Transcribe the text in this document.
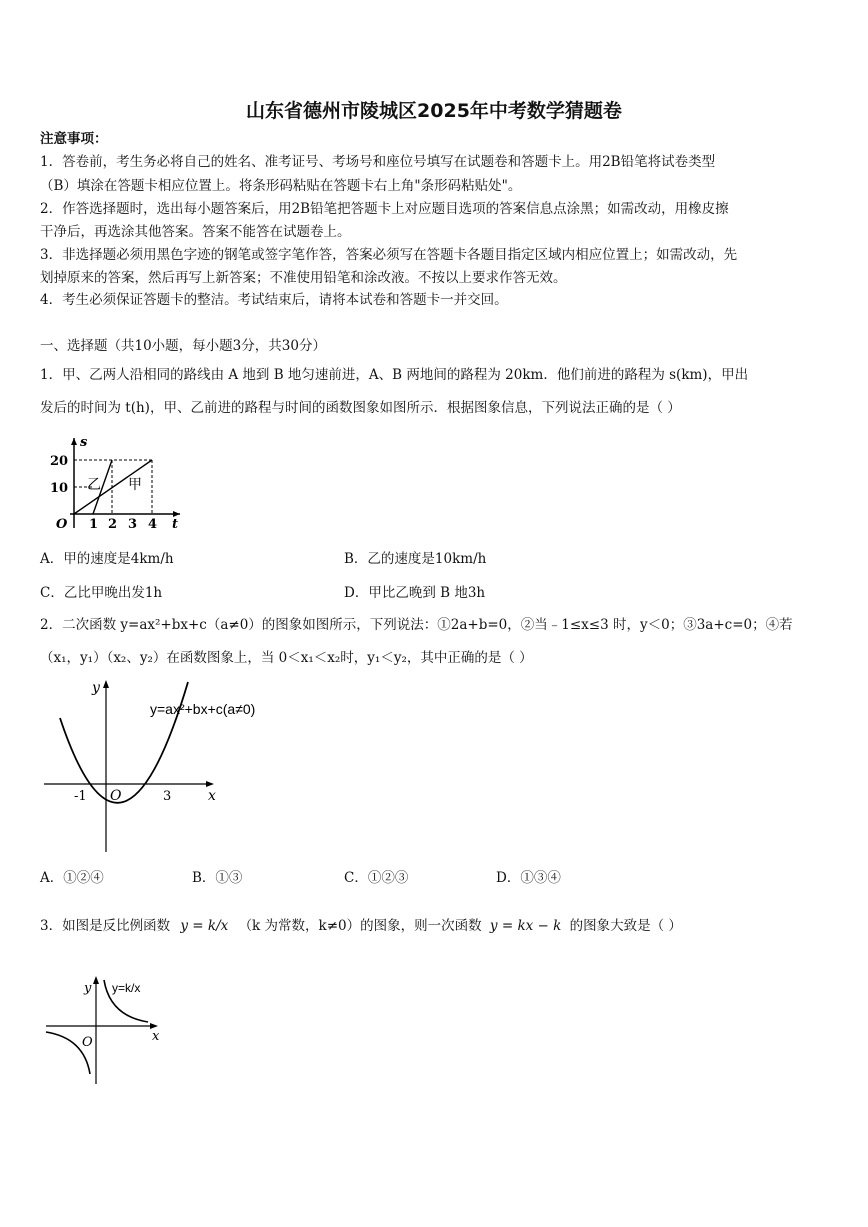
山东省德州市陵城区2025年中考数学猜题卷
注意事项：
1．答卷前，考生务必将自己的姓名、准考证号、考场号和座位号填写在试题卷和答题卡上。用2B铅笔将试卷类型
（B）填涂在答题卡相应位置上。将条形码粘贴在答题卡右上角"条形码粘贴处"。
2．作答选择题时，选出每小题答案后，用2B铅笔把答题卡上对应题目选项的答案信息点涂黑；如需改动，用橡皮擦
干净后，再选涂其他答案。答案不能答在试题卷上。
3．非选择题必须用黑色字迹的钢笔或签字笔作答，答案必须写在答题卡各题目指定区域内相应位置上；如需改动，先
划掉原来的答案，然后再写上新答案；不准使用铅笔和涂改液。不按以上要求作答无效。
4．考生必须保证答题卡的整洁。考试结束后，请将本试卷和答题卡一并交回。
一、选择题（共10小题，每小题3分，共30分）
1．甲、乙两人沿相同的路线由 A 地到 B 地匀速前进，A、B 两地间的路程为 20km．他们前进的路程为 s(km)，甲出
发后的时间为 t(h)，甲、乙前进的路程与时间的函数图象如图所示．根据图象信息，下列说法正确的是（ ）
s
t
O
20
10
1 2 3 4
乙 甲
A．甲的速度是4km/h	B．乙的速度是10km/h
C．乙比甲晚出发1h	D．甲比乙晚到 B 地3h
2．二次函数 y=ax²+bx+c（a≠0）的图象如图所示，下列说法：①2a+b=0，②当﹣1≤x≤3 时，y＜0；③3a+c=0；④若
（x₁，y₁）（x₂、y₂）在函数图象上，当 0＜x₁＜x₂时，y₁＜y₂，其中正确的是（ ）
y
x
O
-1	3
y=ax²+bx+c(a≠0)
A．①②④	B．①③	C．①②③	D．①③④
3．如图是反比例函数 y = k/x （k 为常数，k≠0）的图象，则一次函数 y = kx − k 的图象大致是（ ）
y
x
O
y=k/x
